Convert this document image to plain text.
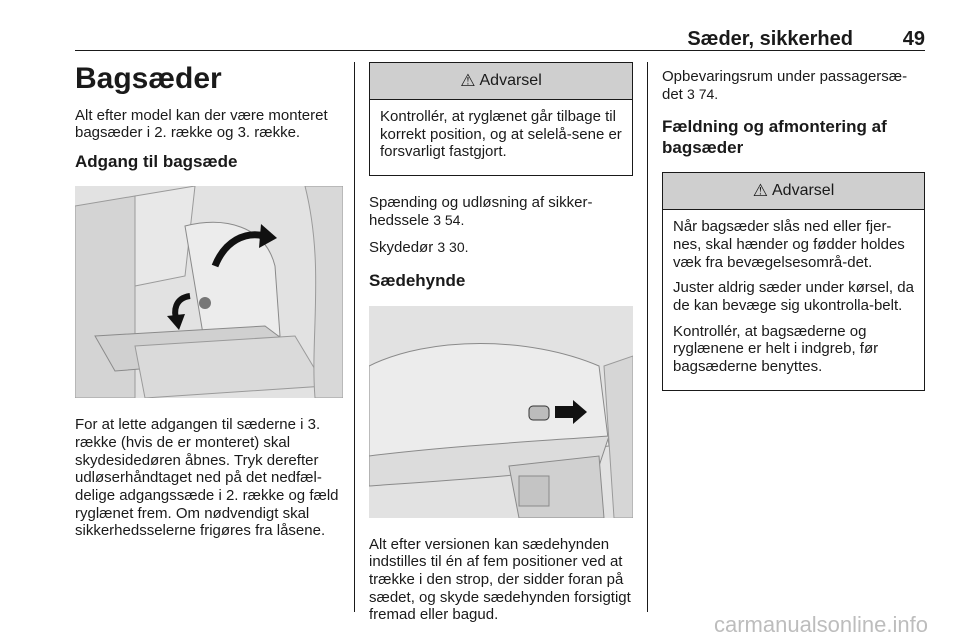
Sæder, sikkerhed 49
Bagsæder

Alt efter model kan der være monteret bagsæder i 2. række og 3. række.

Adgang til bagsæde

For at lette adgangen til sæderne i 3. række (hvis de er monteret) skal skydesidedøren åbnes. Tryk derefter udløserhåndtaget ned på det nedfæl-delige adgangssæde i 2. række og fæld ryglænet frem. Om nødvendigt skal sikkerhedsselerne frigøres fra låsene.

⚠ Advarsel

Kontrollér, at ryglænet går tilbage til korrekt position, og at selelå-sene er forsvarligt fastgjort.

Spænding og udløsning af sikker-hedssele 3 54.

Skydedør 3 30.

Sædehynde

Alt efter versionen kan sædehynden indstilles til én af fem positioner ved at trække i den strop, der sidder foran på sædet, og skyde sædehynden forsigtigt fremad eller bagud.

Opbevaringsrum under passagersæ-det 3 74.

Fældning og afmontering af bagsæder
⚠ Advarsel

Når bagsæder slås ned eller fjer-nes, skal hænder og fødder holdes væk fra bevægelsesområ-det.

Juster aldrig sæder under kørsel, da de kan bevæge sig ukontrolla-belt.

Kontrollér, at bagsæderne og ryglænene er helt i indgreb, før bagsæderne benyttes.

carmanualsonline.info
